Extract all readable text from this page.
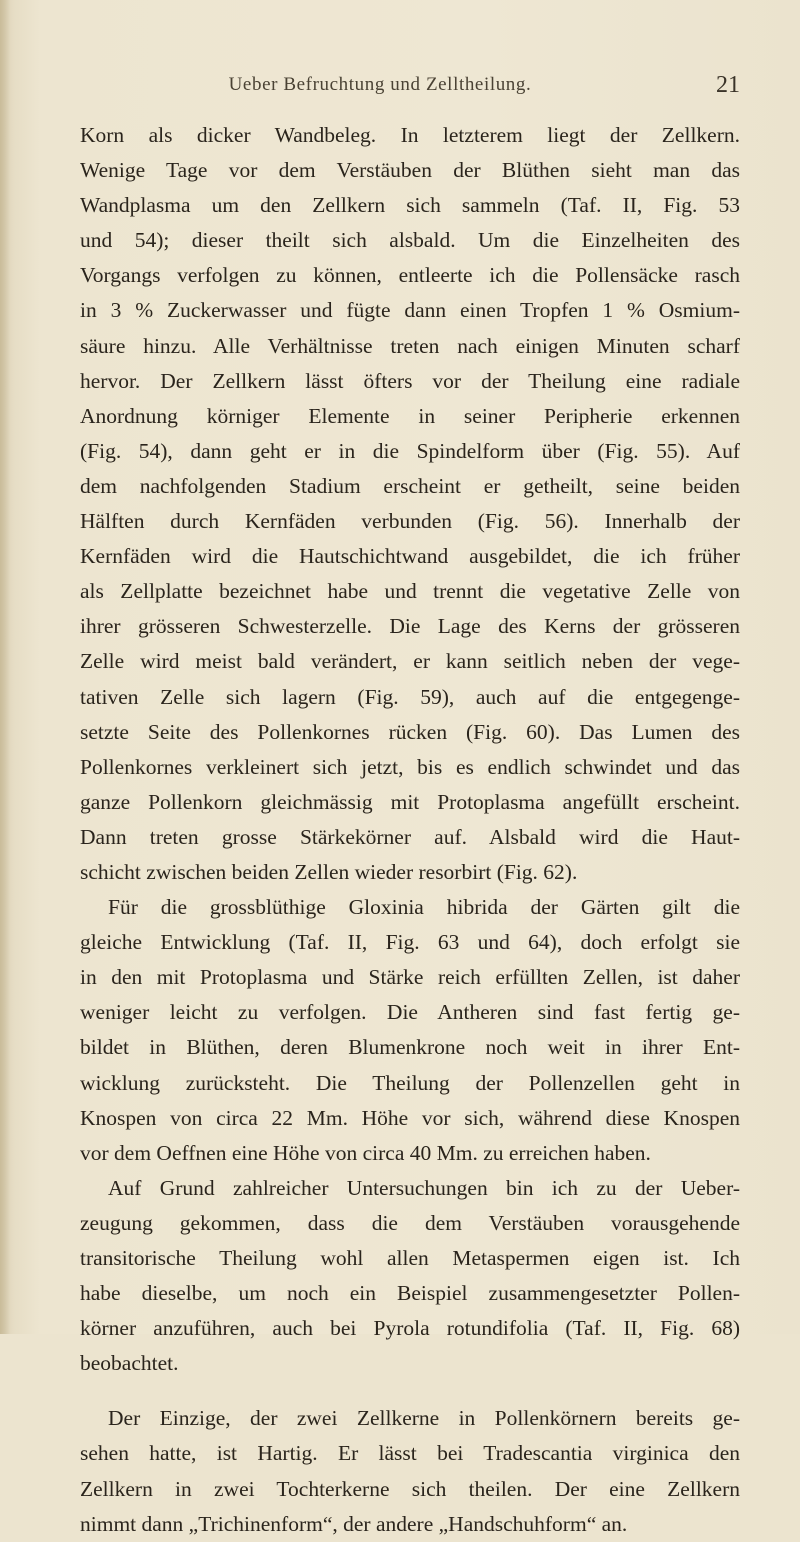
Ueber Befruchtung und Zelltheilung.	21
Korn als dicker Wandbeleg. In letzterem liegt der Zellkern.
Wenige Tage vor dem Verstäuben der Blüthen sieht man das
Wandplasma um den Zellkern sich sammeln (Taf. II, Fig. 53
und 54); dieser theilt sich alsbald. Um die Einzelheiten des
Vorgangs verfolgen zu können, entleerte ich die Pollensäcke rasch
in 3 % Zuckerwasser und fügte dann einen Tropfen 1 % Osmium-
säure hinzu. Alle Verhältnisse treten nach einigen Minuten scharf
hervor. Der Zellkern lässt öfters vor der Theilung eine radiale
Anordnung körniger Elemente in seiner Peripherie erkennen
(Fig. 54), dann geht er in die Spindelform über (Fig. 55). Auf
dem nachfolgenden Stadium erscheint er getheilt, seine beiden
Hälften durch Kernfäden verbunden (Fig. 56). Innerhalb der
Kernfäden wird die Hautschichtwand ausgebildet, die ich früher
als Zellplatte bezeichnet habe und trennt die vegetative Zelle von
ihrer grösseren Schwesterzelle. Die Lage des Kerns der grösseren
Zelle wird meist bald verändert, er kann seitlich neben der vege-
tativen Zelle sich lagern (Fig. 59), auch auf die entgegenge-
setzte Seite des Pollenkornes rücken (Fig. 60). Das Lumen des
Pollenkornes verkleinert sich jetzt, bis es endlich schwindet und das
ganze Pollenkorn gleichmässig mit Protoplasma angefüllt erscheint.
Dann treten grosse Stärkekörner auf. Alsbald wird die Haut-
schicht zwischen beiden Zellen wieder resorbirt (Fig. 62).
Für die grossblüthige Gloxinia hibrida der Gärten gilt die
gleiche Entwicklung (Taf. II, Fig. 63 und 64), doch erfolgt sie
in den mit Protoplasma und Stärke reich erfüllten Zellen, ist daher
weniger leicht zu verfolgen. Die Antheren sind fast fertig ge-
bildet in Blüthen, deren Blumenkrone noch weit in ihrer Ent-
wicklung zurücksteht. Die Theilung der Pollenzellen geht in
Knospen von circa 22 Mm. Höhe vor sich, während diese Knospen
vor dem Oeffnen eine Höhe von circa 40 Mm. zu erreichen haben.
Auf Grund zahlreicher Untersuchungen bin ich zu der Ueber-
zeugung gekommen, dass die dem Verstäuben vorausgehende
transitorische Theilung wohl allen Metaspermen eigen ist. Ich
habe dieselbe, um noch ein Beispiel zusammengesetzter Pollen-
körner anzuführen, auch bei Pyrola rotundifolia (Taf. II, Fig. 68)
beobachtet.
Der Einzige, der zwei Zellkerne in Pollenkörnern bereits ge-
sehen hatte, ist Hartig. Er lässt bei Tradescantia virginica den
Zellkern in zwei Tochterkerne sich theilen. Der eine Zellkern
nimmt dann „Trichinenform“, der andere „Handschuhform“ an.
